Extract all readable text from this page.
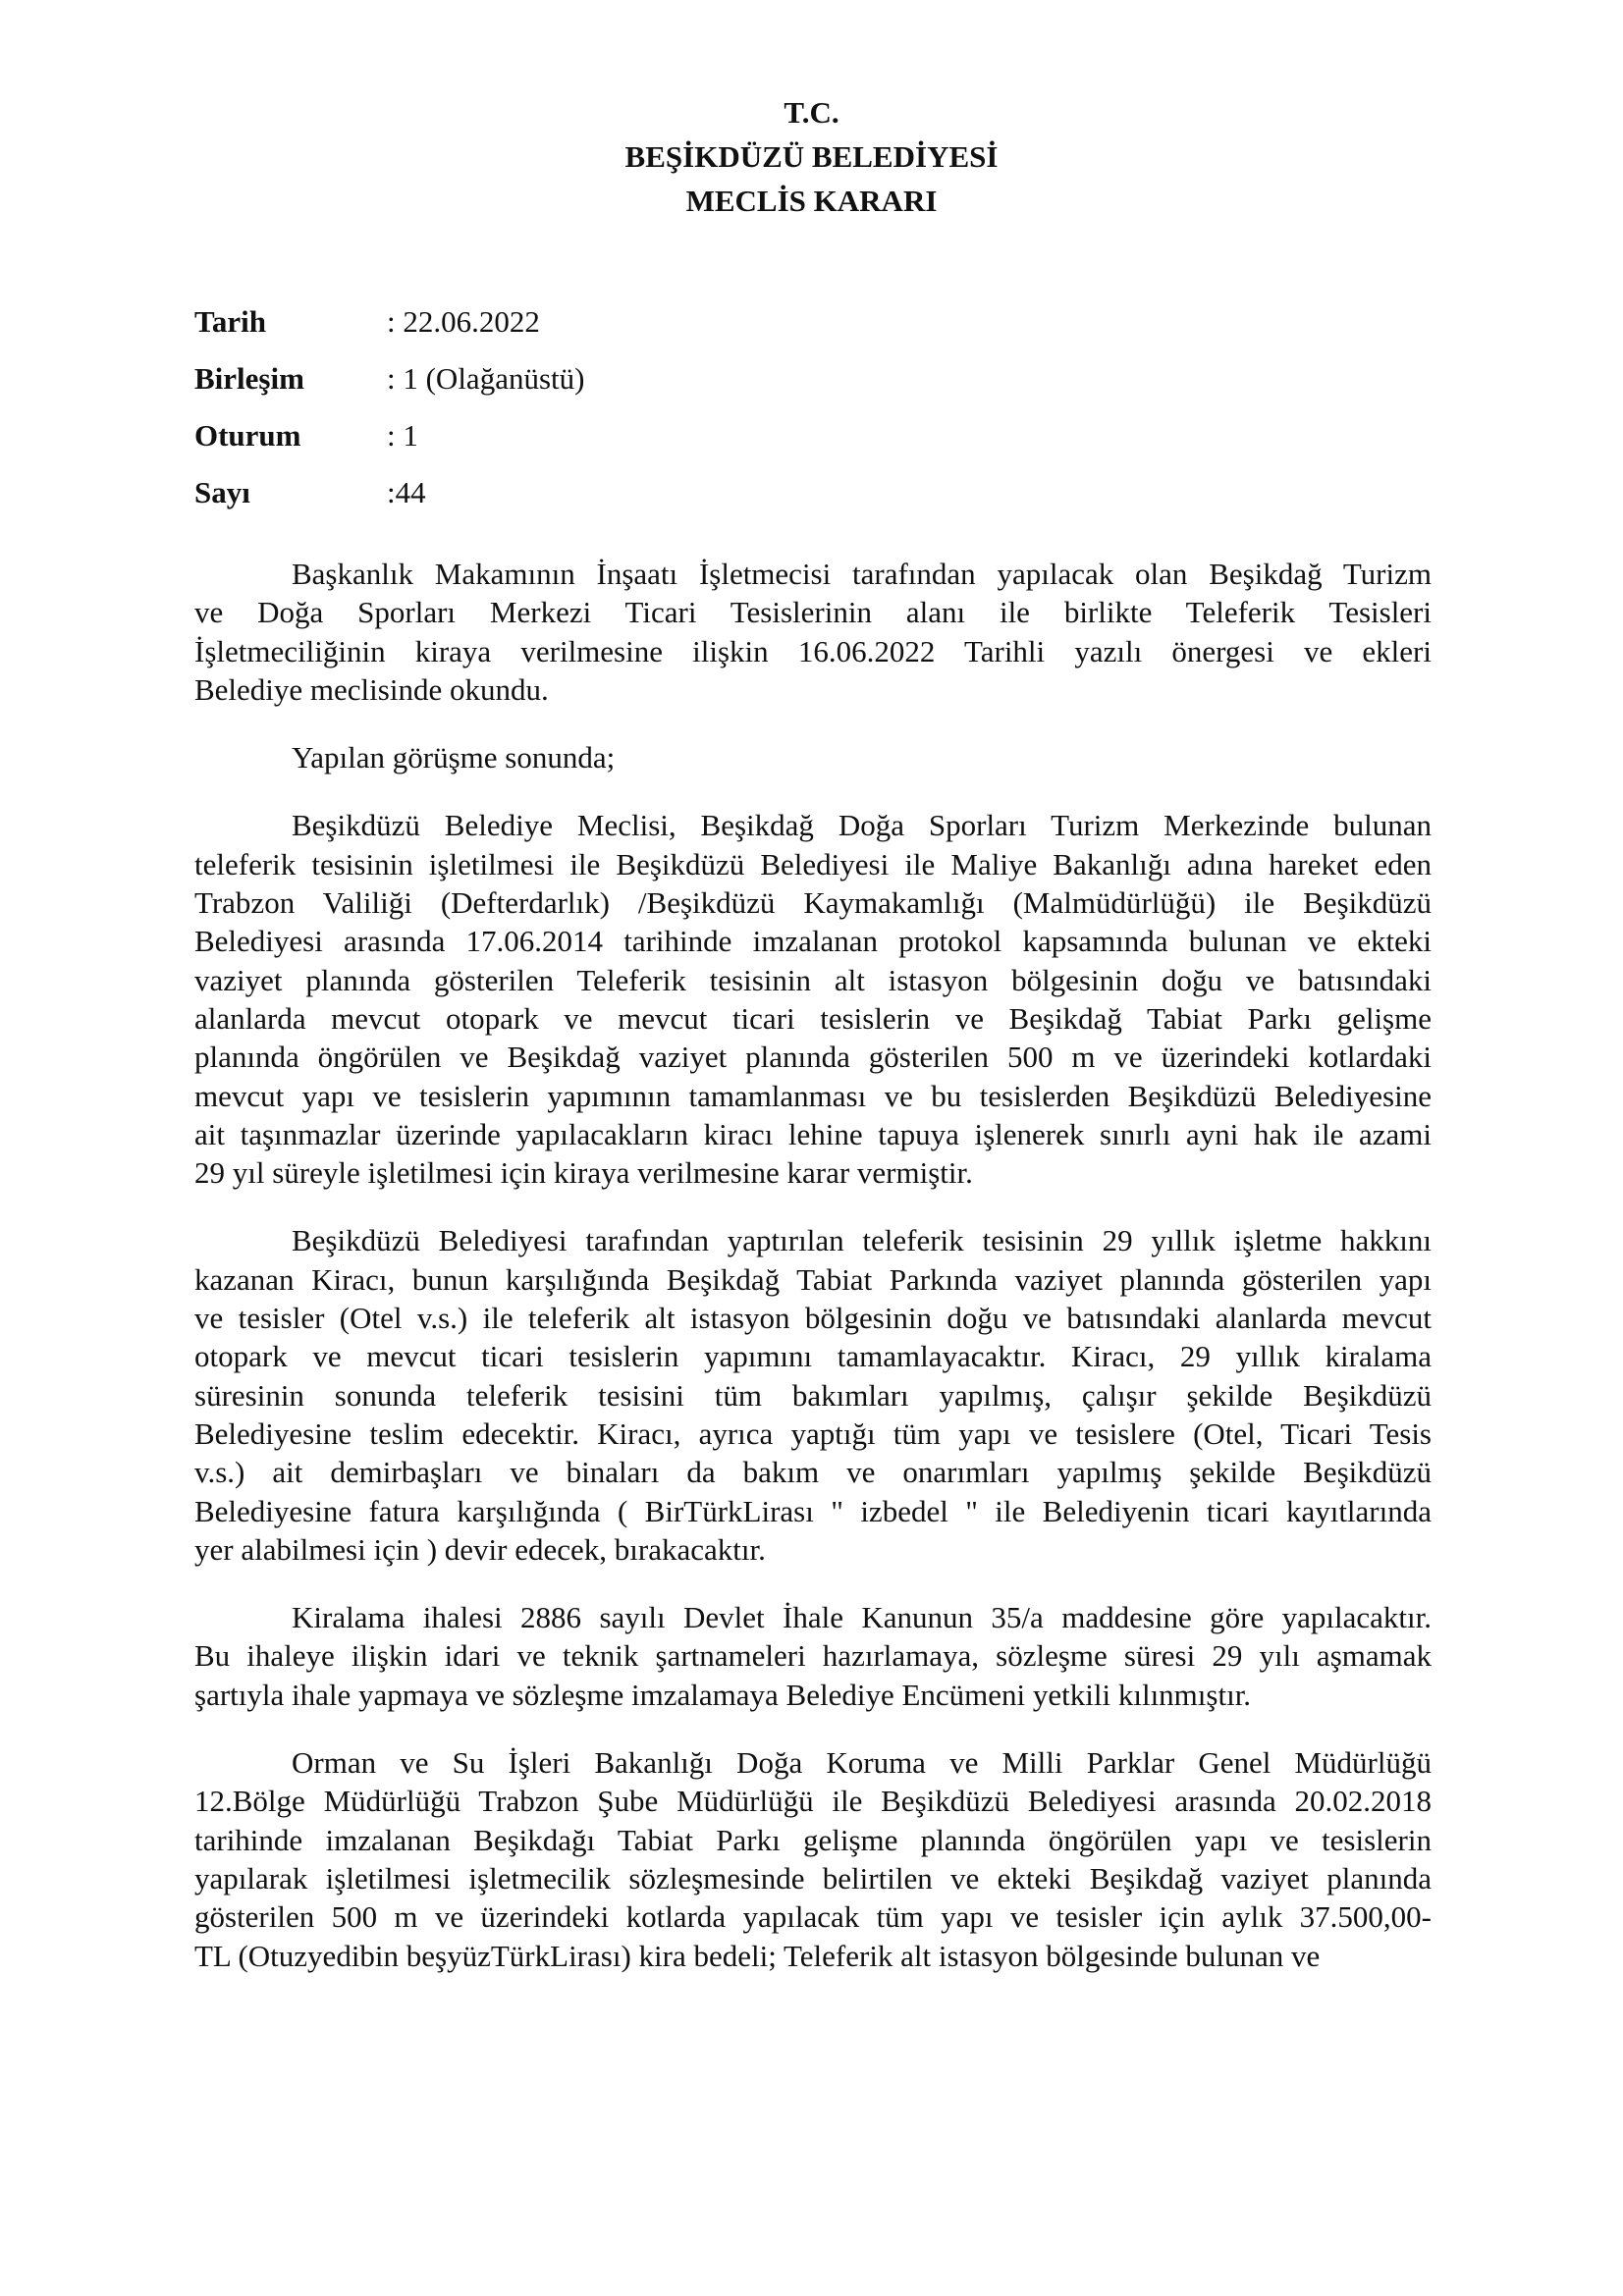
T.C.
BEŞİKDÜZÜ BELEDİYESİ
MECLİS KARARI
Tarih	: 22.06.2022
Birleşim	: 1 (Olağanüstü)
Oturum	: 1
Sayı	:44
Başkanlık Makamının İnşaatı İşletmecisi tarafından yapılacak olan Beşikdağ Turizm
ve Doğa Sporları Merkezi Ticari Tesislerinin alanı ile birlikte Teleferik Tesisleri
İşletmeciliğinin kiraya verilmesine ilişkin 16.06.2022 Tarihli yazılı önergesi ve ekleri
Belediye meclisinde okundu.
Yapılan görüşme sonunda;
Beşikdüzü Belediye Meclisi, Beşikdağ Doğa Sporları Turizm Merkezinde bulunan
teleferik tesisinin işletilmesi ile Beşikdüzü Belediyesi ile Maliye Bakanlığı adına hareket eden
Trabzon Valiliği (Defterdarlık) /Beşikdüzü Kaymakamlığı (Malmüdürlüğü) ile Beşikdüzü
Belediyesi arasında 17.06.2014 tarihinde imzalanan protokol kapsamında bulunan ve ekteki
vaziyet planında gösterilen Teleferik tesisinin alt istasyon bölgesinin doğu ve batısındaki
alanlarda mevcut otopark ve mevcut ticari tesislerin ve Beşikdağ Tabiat Parkı gelişme
planında öngörülen ve Beşikdağ vaziyet planında gösterilen 500 m ve üzerindeki kotlardaki
mevcut yapı ve tesislerin yapımının tamamlanması ve bu tesislerden Beşikdüzü Belediyesine
ait taşınmazlar üzerinde yapılacakların kiracı lehine tapuya işlenerek sınırlı ayni hak ile azami
29 yıl süreyle işletilmesi için kiraya verilmesine karar vermiştir.
Beşikdüzü Belediyesi tarafından yaptırılan teleferik tesisinin 29 yıllık işletme hakkını
kazanan Kiracı, bunun karşılığında Beşikdağ Tabiat Parkında vaziyet planında gösterilen yapı
ve tesisler (Otel v.s.) ile teleferik alt istasyon bölgesinin doğu ve batısındaki alanlarda mevcut
otopark ve mevcut ticari tesislerin yapımını tamamlayacaktır. Kiracı, 29 yıllık kiralama
süresinin sonunda teleferik tesisini tüm bakımları yapılmış, çalışır şekilde Beşikdüzü
Belediyesine teslim edecektir. Kiracı, ayrıca yaptığı tüm yapı ve tesislere (Otel, Ticari Tesis
v.s.) ait demirbaşları ve binaları da bakım ve onarımları yapılmış şekilde Beşikdüzü
Belediyesine fatura karşılığında ( BirTürkLirası " izbedel " ile Belediyenin ticari kayıtlarında
yer alabilmesi için ) devir edecek, bırakacaktır.
Kiralama ihalesi 2886 sayılı Devlet İhale Kanunun 35/a maddesine göre yapılacaktır.
Bu ihaleye ilişkin idari ve teknik şartnameleri hazırlamaya, sözleşme süresi 29 yılı aşmamak
şartıyla ihale yapmaya ve sözleşme imzalamaya Belediye Encümeni yetkili kılınmıştır.
Orman ve Su İşleri Bakanlığı Doğa Koruma ve Milli Parklar Genel Müdürlüğü
12.Bölge Müdürlüğü Trabzon Şube Müdürlüğü ile Beşikdüzü Belediyesi arasında 20.02.2018
tarihinde imzalanan Beşikdağı Tabiat Parkı gelişme planında öngörülen yapı ve tesislerin
yapılarak işletilmesi işletmecilik sözleşmesinde belirtilen ve ekteki Beşikdağ vaziyet planında
gösterilen 500 m ve üzerindeki kotlarda yapılacak tüm yapı ve tesisler için aylık 37.500,00-
TL (Otuzyedibin beşyüzTürkLirası) kira bedeli; Teleferik alt istasyon bölgesinde bulunan ve
